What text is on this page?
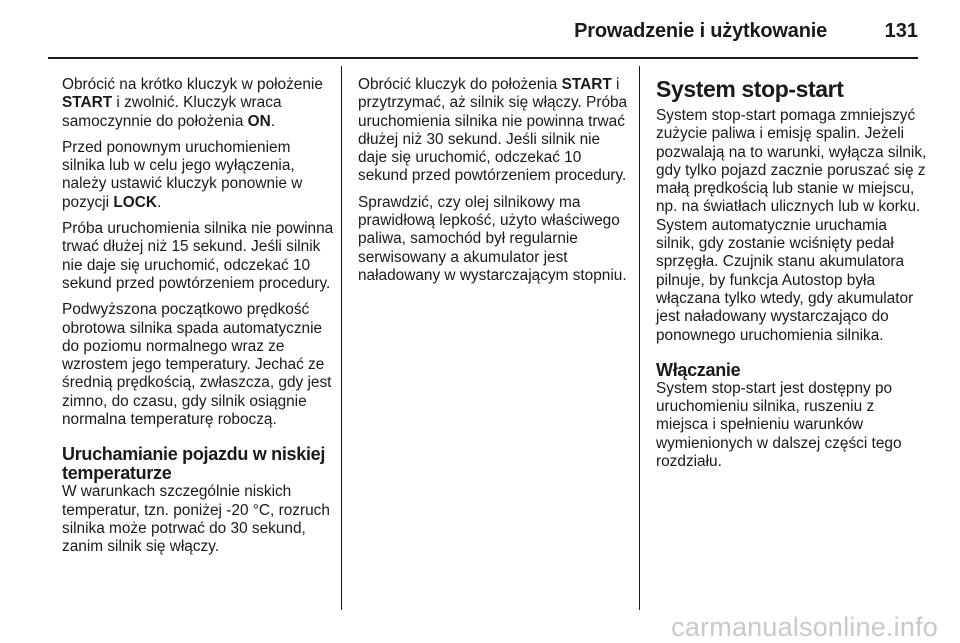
Prowadzenie i użytkowanie	131

Obrócić na krótko kluczyk w położenie START i zwolnić. Kluczyk wraca samoczynnie do położenia ON.

Przed ponownym uruchomieniem silnika lub w celu jego wyłączenia, należy ustawić kluczyk ponownie w pozycji LOCK.

Próba uruchomienia silnika nie powinna trwać dłużej niż 15 sekund. Jeśli silnik nie daje się uruchomić, odczekać 10 sekund przed powtórzeniem procedury.

Podwyższona początkowo prędkość obrotowa silnika spada automatycznie do poziomu normalnego wraz ze wzrostem jego temperatury. Jechać ze średnią prędkością, zwłaszcza, gdy jest zimno, do czasu, gdy silnik osiągnie normalna temperaturę roboczą.

Uruchamianie pojazdu w niskiej temperaturze

W warunkach szczególnie niskich temperatur, tzn. poniżej -20 °C, rozruch silnika może potrwać do 30 sekund, zanim silnik się włączy.

Obrócić kluczyk do położenia START i przytrzymać, aż silnik się włączy. Próba uruchomienia silnika nie powinna trwać dłużej niż 30 sekund. Jeśli silnik nie daje się uruchomić, odczekać 10 sekund przed powtórzeniem procedury.

Sprawdzić, czy olej silnikowy ma prawidłową lepkość, użyto właściwego paliwa, samochód był regularnie serwisowany a akumulator jest naładowany w wystarczającym stopniu.

System stop-start

System stop-start pomaga zmniejszyć zużycie paliwa i emisję spalin. Jeżeli pozwalają na to warunki, wyłącza silnik, gdy tylko pojazd zacznie poruszać się z małą prędkością lub stanie w miejscu, np. na światłach ulicznych lub w korku. System automatycznie uruchamia silnik, gdy zostanie wciśnięty pedał sprzęgła. Czujnik stanu akumulatora pilnuje, by funkcja Autostop była włączana tylko wtedy, gdy akumulator jest naładowany wystarczająco do ponownego uruchomienia silnika.

Włączanie

System stop-start jest dostępny po uruchomieniu silnika, ruszeniu z miejsca i spełnieniu warunków wymienionych w dalszej części tego rozdziału.

carmanualsonline.info
